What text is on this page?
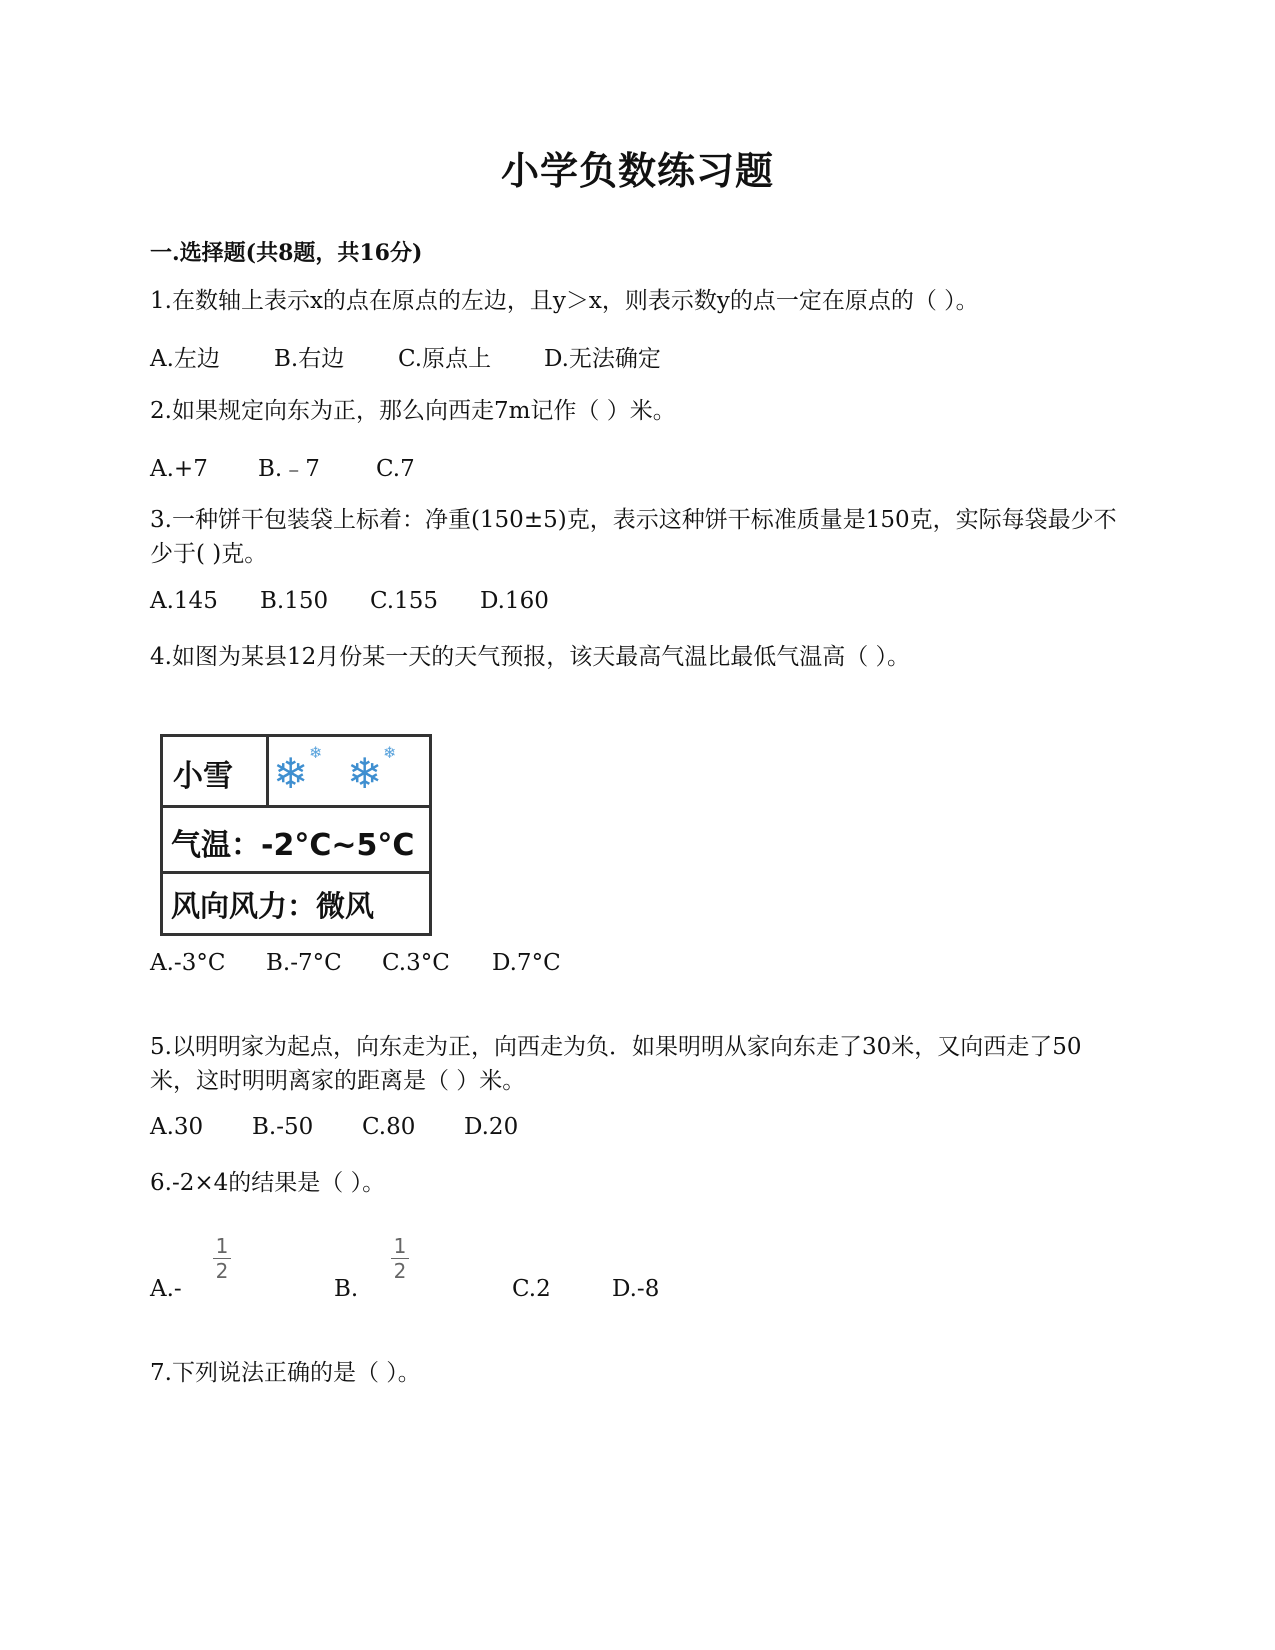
小学负数练习题
一.选择题(共8题，共16分)
1.在数轴上表示x的点在原点的左边，且y＞x，则表示数y的点一定在原点的（ ）。
A.左边 B.右边 C.原点上 D.无法确定
2.如果规定向东为正，那么向西走7m记作（ ）米。
A.+7 B.﹣7 C.7
3.一种饼干包装袋上标着：净重(150±5)克，表示这种饼干标准质量是150克，实际每袋最少不少于( )克。
A.145 B.150 C.155 D.160
4.如图为某县12月份某一天的天气预报，该天最高气温比最低气温高（ ）。
小雪 ❄ ❄ ❄ ❄
气温：-2°C~5°C
风向风力：微风
A.-3°C B.-7°C C.3°C D.7°C
5.以明明家为起点，向东走为正，向西走为负．如果明明从家向东走了30米，又向西走了50米，这时明明离家的距离是（ ）米。
A.30 B.-50 C.80 D.20
6.-2×4的结果是（ ）。
1
2
1
2
A.-	B.	C.2	D.-8
7.下列说法正确的是（ ）。
